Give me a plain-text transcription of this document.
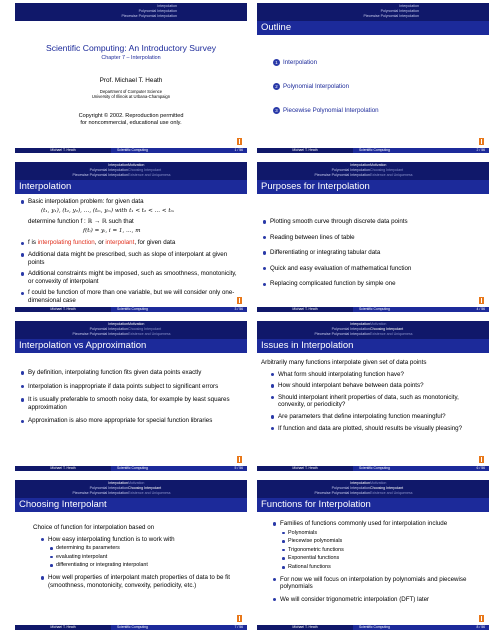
Interpolation
Polynomial Interpolation
Piecewise Polynomial Interpolation
Scientific Computing: An Introductory Survey
Chapter 7 – Interpolation
Prof. Michael T. Heath
Department of Computer Science
University of Illinois at Urbana-Champaign
Copyright © 2002. Reproduction permitted
for noncommercial, educational use only.
Michael T. Heath	Scientific Computing	1 / 56
Interpolation
Polynomial Interpolation
Piecewise Polynomial Interpolation
Outline
1 Interpolation
2 Polynomial Interpolation
3 Piecewise Polynomial Interpolation
Michael T. Heath	Scientific Computing	2 / 56
Interpolation
Polynomial Interpolation
Piecewise Polynomial Interpolation
Motivation
Choosing Interpolant
Existence and Uniqueness
Interpolation
Basic interpolation problem: for given data
(t₁, y₁), (t₂, y₂), …, (tₘ, yₘ) with t₁ < t₂ < … < tₘ
determine function f : ℝ → ℝ such that
f(tᵢ) = yᵢ, i = 1, …, m
f is interpolating function, or interpolant, for given data
Additional data might be prescribed, such as slope of interpolant at given points
Additional constraints might be imposed, such as smoothness, monotonicity, or convexity of interpolant
f could be function of more than one variable, but we will consider only one-dimensional case
Michael T. Heath	Scientific Computing	3 / 56
Interpolation
Polynomial Interpolation
Piecewise Polynomial Interpolation
Motivation
Choosing Interpolant
Existence and Uniqueness
Purposes for Interpolation
Plotting smooth curve through discrete data points
Reading between lines of table
Differentiating or integrating tabular data
Quick and easy evaluation of mathematical function
Replacing complicated function by simple one
Michael T. Heath	Scientific Computing	4 / 56
Interpolation
Polynomial Interpolation
Piecewise Polynomial Interpolation
Motivation
Choosing Interpolant
Existence and Uniqueness
Interpolation vs Approximation
By definition, interpolating function fits given data points exactly
Interpolation is inappropriate if data points subject to significant errors
It is usually preferable to smooth noisy data, for example by least squares approximation
Approximation is also more appropriate for special function libraries
Michael T. Heath	Scientific Computing	5 / 56
Interpolation
Polynomial Interpolation
Piecewise Polynomial Interpolation
Motivation
Choosing Interpolant
Existence and Uniqueness
Issues in Interpolation
Arbitrarily many functions interpolate given set of data points
What form should interpolating function have?
How should interpolant behave between data points?
Should interpolant inherit properties of data, such as monotonicity, convexity, or periodicity?
Are parameters that define interpolating function meaningful?
If function and data are plotted, should results be visually pleasing?
Michael T. Heath	Scientific Computing	6 / 56
Interpolation
Polynomial Interpolation
Piecewise Polynomial Interpolation
Motivation
Choosing Interpolant
Existence and Uniqueness
Choosing Interpolant
Choice of function for interpolation based on
How easy interpolating function is to work with
determining its parameters
evaluating interpolant
differentiating or integrating interpolant
How well properties of interpolant match properties of data to be fit (smoothness, monotonicity, convexity, periodicity, etc.)
Michael T. Heath	Scientific Computing	7 / 56
Interpolation
Polynomial Interpolation
Piecewise Polynomial Interpolation
Motivation
Choosing Interpolant
Existence and Uniqueness
Functions for Interpolation
Families of functions commonly used for interpolation include
Polynomials
Piecewise polynomials
Trigonometric functions
Exponential functions
Rational functions
For now we will focus on interpolation by polynomials and piecewise polynomials
We will consider trigonometric interpolation (DFT) later
Michael T. Heath	Scientific Computing	8 / 56
